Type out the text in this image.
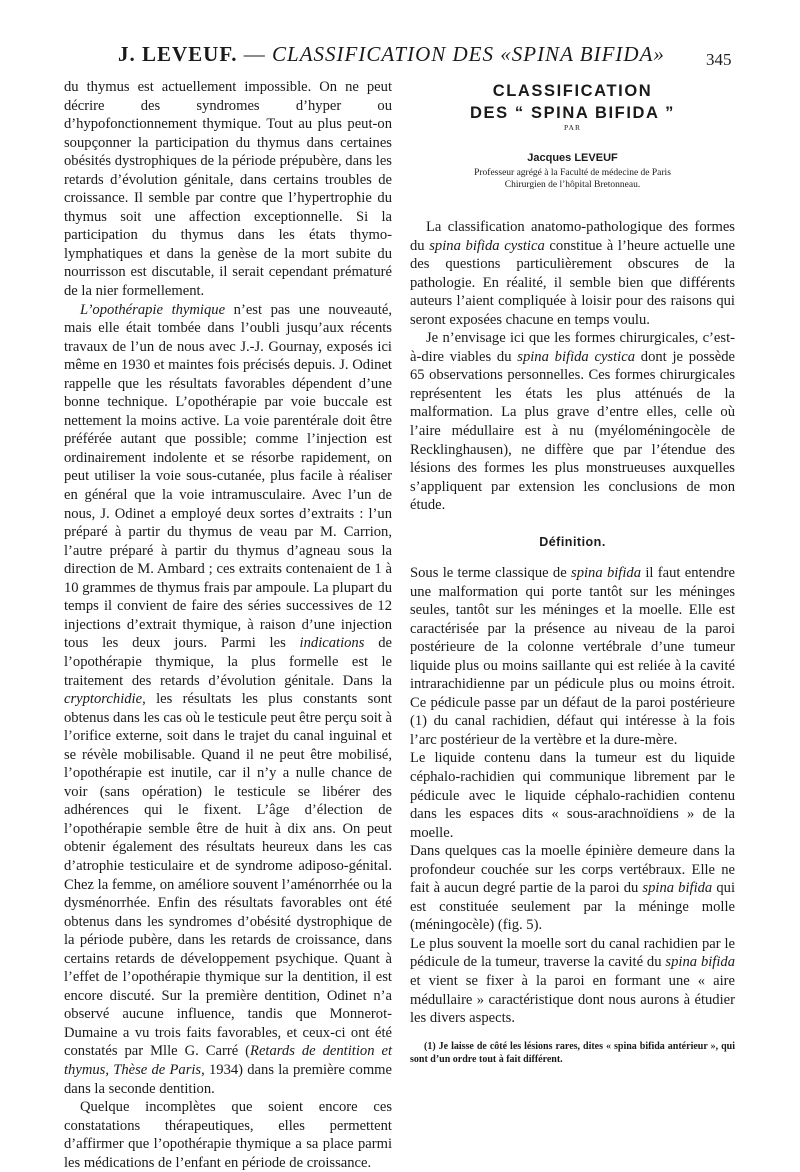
J. LEVEUF. — CLASSIFICATION DES «SPINA BIFIDA»	345

du thymus est actuellement impossible. On ne peut décrire des syndromes d’hyper ou d’hypofonctionnement thymique. Tout au plus peut-on soupçonner la participation du thymus dans certaines obésités dystrophiques de la période prépubère, dans les retards d’évolution génitale, dans certains troubles de croissance. Il semble par contre que l’hypertrophie du thymus soit une affection exceptionnelle. Si la participation du thymus dans les états thymo-lymphatiques et dans la genèse de la mort subite du nourrisson est discutable, il serait cependant prématuré de la nier formellement.

L’opothérapie thymique n’est pas une nouveauté, mais elle était tombée dans l’oubli jusqu’aux récents travaux de l’un de nous avec J.-J. Gournay, exposés ici même en 1930 et maintes fois précisés depuis. J. Odinet rappelle que les résultats favorables dépendent d’une bonne technique. L’opothérapie par voie buccale est nettement la moins active. La voie parentérale doit être préférée autant que possible; comme l’injection est ordinairement indolente et se résorbe rapidement, on peut utiliser la voie sous-cutanée, plus facile à réaliser en général que la voie intramusculaire. Avec l’un de nous, J. Odinet a employé deux sortes d’extraits : l’un préparé à partir du thymus de veau par M. Carrion, l’autre préparé à partir du thymus d’agneau sous la direction de M. Ambard ; ces extraits contenaient de 1 à 10 grammes de thymus frais par ampoule. La plupart du temps il convient de faire des séries successives de 12 injections d’extrait thymique, à raison d’une injection tous les deux jours. Parmi les indications de l’opothérapie thymique, la plus formelle est le traitement des retards d’évolution génitale. Dans la cryptorchidie, les résultats les plus constants sont obtenus dans les cas où le testicule peut être perçu soit à l’orifice externe, soit dans le trajet du canal inguinal et se révèle mobilisable. Quand il ne peut être mobilisé, l’opothérapie est inutile, car il n’y a nulle chance de voir (sans opération) le testicule se libérer des adhérences qui le fixent. L’âge d’élection de l’opothérapie semble être de huit à dix ans. On peut obtenir également des résultats heureux dans les cas d’atrophie testiculaire et de syndrome adiposo-génital. Chez la femme, on améliore souvent l’aménorrhée ou la dysménorrhée. Enfin des résultats favorables ont été obtenus dans les syndromes d’obésité dystrophique de la période pubère, dans les retards de croissance, dans certains retards de développement psychique. Quant à l’effet de l’opothérapie thymique sur la dentition, il est encore discuté. Sur la première dentition, Odinet n’a observé aucune influence, tandis que Monnerot-Dumaine a vu trois faits favorables, et ceux-ci ont été constatés par Mlle G. Carré (Retards de dentition et thymus, Thèse de Paris, 1934) dans la première comme dans la seconde dentition.

Quelque incomplètes que soient encore ces constatations thérapeutiques, elles permettent d’affirmer que l’opothérapie thymique a sa place parmi les médications de l’enfant en période de croissance.

CLASSIFICATION
DES “ SPINA BIFIDA ”
PAR
Jacques LEVEUF
Professeur agrégé à la Faculté de médecine de Paris
Chirurgien de l’hôpital Bretonneau.

La classification anatomo-pathologique des formes du spina bifida cystica constitue à l’heure actuelle une des questions particulièrement obscures de la pathologie. En réalité, il semble bien que différents auteurs l’aient compliquée à loisir pour des raisons qui seront exposées chacune en temps voulu.

Je n’envisage ici que les formes chirurgicales, c’est-à-dire viables du spina bifida cystica dont je possède 65 observations personnelles. Ces formes chirurgicales représentent les états les plus atténués de la malformation. La plus grave d’entre elles, celle où l’aire médullaire est à nu (myéloméningocèle de Recklinghausen), ne diffère que par l’étendue des lésions des formes les plus monstrueuses auxquelles s’appliquent par extension les conclusions de mon étude.

Définition.

Sous le terme classique de spina bifida il faut entendre une malformation qui porte tantôt sur les méninges seules, tantôt sur les méninges et la moelle. Elle est caractérisée par la présence au niveau de la paroi postérieure de la colonne vertébrale d’une tumeur liquide plus ou moins saillante qui est reliée à la cavité intrarachidienne par un pédicule plus ou moins étroit. Ce pédicule passe par un défaut de la paroi postérieure (1) du canal rachidien, défaut qui intéresse à la fois l’arc postérieur de la vertèbre et la dure-mère.

Le liquide contenu dans la tumeur est du liquide céphalo-rachidien qui communique librement par le pédicule avec le liquide céphalo-rachidien contenu dans les espaces dits « sous-arachnoïdiens » de la moelle.

Dans quelques cas la moelle épinière demeure dans la profondeur couchée sur les corps vertébraux. Elle ne fait à aucun degré partie de la paroi du spina bifida qui est constituée seulement par la méninge molle (méningocèle) (fig. 5).

Le plus souvent la moelle sort du canal rachidien par le pédicule de la tumeur, traverse la cavité du spina bifida et vient se fixer à la paroi en formant une « aire médullaire » caractéristique dont nous aurons à étudier les divers aspects.

(1) Je laisse de côté les lésions rares, dites « spina bifida antérieur », qui sont d’un ordre tout à fait différent.
